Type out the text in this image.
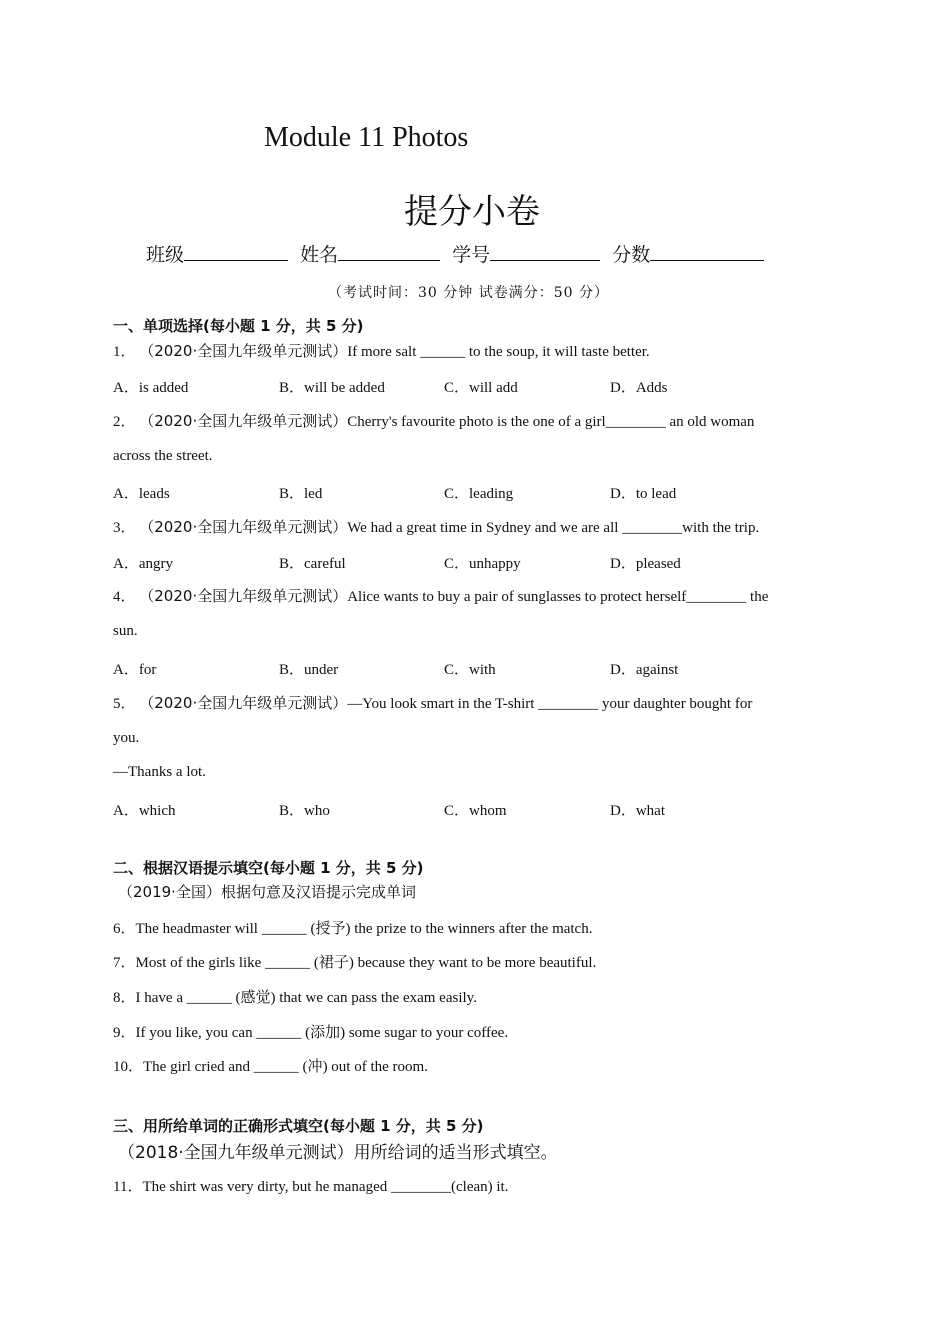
Module 11 Photos
提分小卷
班级	姓名	学号	分数
（考试时间：30 分钟 试卷满分：50 分）
一、单项选择(每小题 1 分，共 5 分)
1． （2020·全国九年级单元测试）If more salt ______ to the soup, it will taste better.
A．is added	B．will be added	C．will add	D．Adds
2． （2020·全国九年级单元测试）Cherry's favourite photo is the one of a girl________ an old woman
across the street.
A．leads	B．led	C．leading	D．to lead
3． （2020·全国九年级单元测试）We had a great time in Sydney and we are all ________with the trip.
A．angry	B．careful	C．unhappy	D．pleased
4． （2020·全国九年级单元测试）Alice wants to buy a pair of sunglasses to protect herself________ the
sun.
A．for	B．under	C．with	D．against
5． （2020·全国九年级单元测试）—You look smart in the T-shirt ________ your daughter bought for
you.
—Thanks a lot.
A．which	B．who	C．whom	D．what
二、根据汉语提示填空(每小题 1 分，共 5 分)
（2019·全国）根据句意及汉语提示完成单词
6．The headmaster will ______ (授予) the prize to the winners after the match.
7．Most of the girls like ______ (裙子) because they want to be more beautiful.
8．I have a ______ (感觉) that we can pass the exam easily.
9．If you like, you can ______ (添加) some sugar to your coffee.
10．The girl cried and ______ (冲) out of the room.
三、用所给单词的正确形式填空(每小题 1 分，共 5 分)
（2018·全国九年级单元测试）用所给词的适当形式填空。
11．The shirt was very dirty, but he managed ________(clean) it.
